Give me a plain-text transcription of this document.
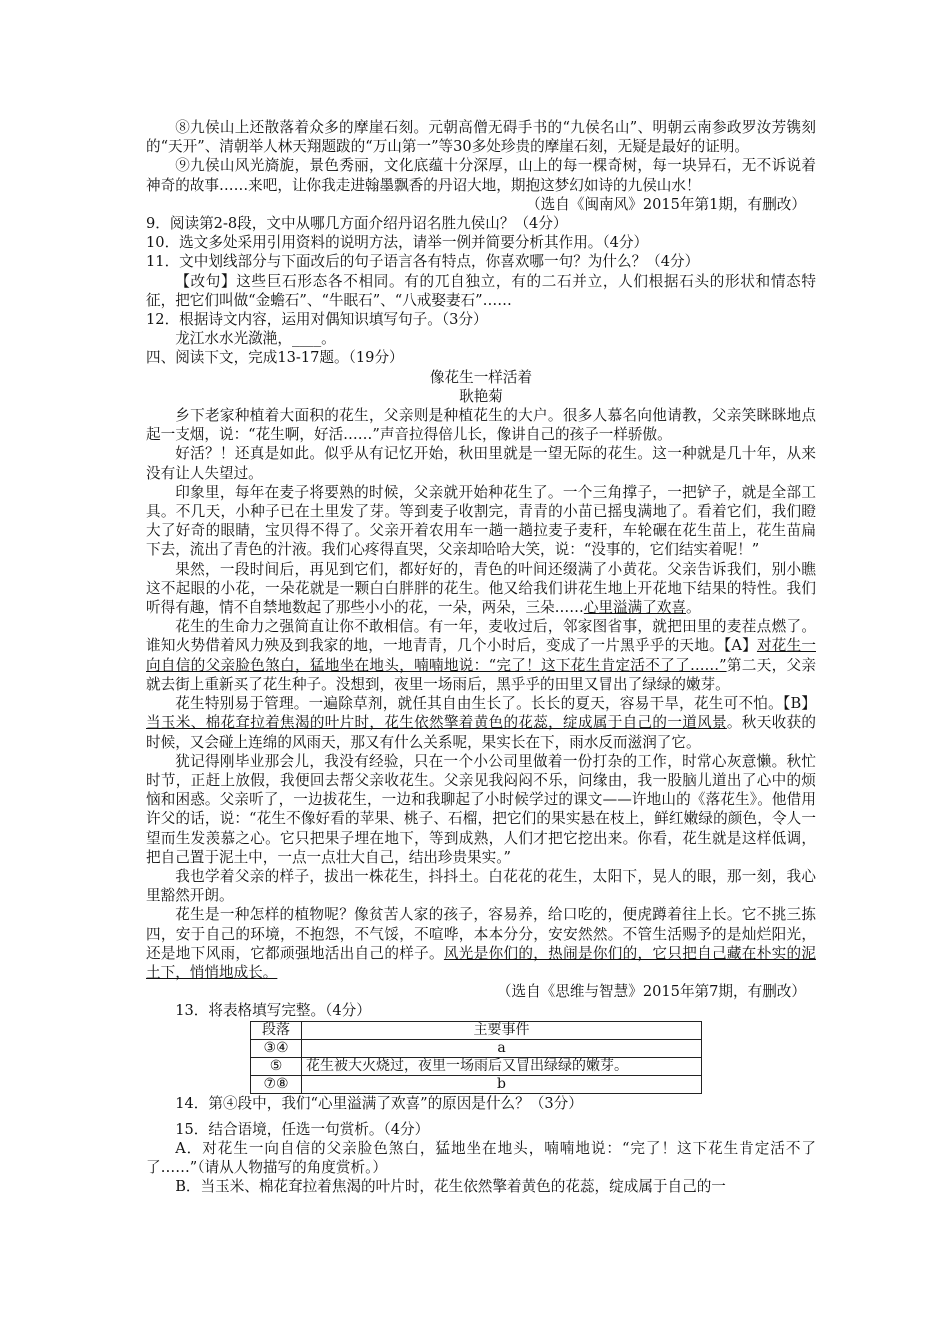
⑧九侯山上还散落着众多的摩崖石刻。元朝高僧无碍手书的“九侯名山”、明朝云南参政罗汝芳镌刻的“天开”、清朝举人林天翔题跋的“万山第一”等30多处珍贵的摩崖石刻，无疑是最好的证明。

⑨九侯山风光旖旎，景色秀丽，文化底蕴十分深厚，山上的每一棵奇树，每一块异石，无不诉说着神奇的故事……来吧，让你我走进翰墨飘香的丹诏大地，期抱这梦幻如诗的九侯山水！

（选自《闽南风》2015年第1期，有删改）

9．阅读第2-8段，文中从哪几方面介绍丹诏名胜九侯山？（4分）

10．选文多处采用引用资料的说明方法，请举一例并简要分析其作用。（4分）

11．文中划线部分与下面改后的句子语言各有特点，你喜欢哪一句？为什么？（4分）

【改句】这些巨石形态各不相同。有的兀自独立，有的二石并立，人们根据石头的形状和情态特征，把它们叫做“金蟾石”、“牛眠石”、“八戒娶妻石”……

12．根据诗文内容，运用对偶知识填写句子。（3分）

龙江水水光潋滟，____。

四、阅读下文，完成13-17题。（19分）

像花生一样活着

耿艳菊

乡下老家种植着大面积的花生，父亲则是种植花生的大户。很多人慕名向他请教，父亲笑眯眯地点起一支烟，说：“花生啊，好活……”声音拉得倍儿长，像讲自己的孩子一样骄傲。

好活？！还真是如此。似乎从有记忆开始，秋田里就是一望无际的花生。这一种就是几十年，从来没有让人失望过。

印象里，每年在麦子将要熟的时候，父亲就开始种花生了。一个三角撑子，一把铲子，就是全部工具。不几天，小种子已在土里发了芽。等到麦子收割完，青青的小苗已摇曳满地了。看着它们，我们瞪大了好奇的眼睛，宝贝得不得了。父亲开着农用车一趟一趟拉麦子麦秆，车轮碾在花生苗上，花生苗扁下去，流出了青色的汁液。我们心疼得直哭，父亲却哈哈大笑，说：“没事的，它们结实着呢！”

果然，一段时间后，再见到它们，都好好的，青色的叶间还缀满了小黄花。父亲告诉我们，别小瞧这不起眼的小花，一朵花就是一颗白白胖胖的花生。他又给我们讲花生地上开花地下结果的特性。我们听得有趣，情不自禁地数起了那些小小的花，一朵，两朵，三朵……心里溢满了欢喜。

花生的生命力之强简直让你不敢相信。有一年，麦收过后，邻家图省事，就把田里的麦茬点燃了。谁知火势借着风力殃及到我家的地，一地青青，几个小时后，变成了一片黑乎乎的天地。【A】对花生一向自信的父亲脸色煞白，猛地坐在地头，喃喃地说：“完了！这下花生肯定活不了了……”第二天，父亲就去街上重新买了花生种子。没想到，夜里一场雨后，黑乎乎的田里又冒出了绿绿的嫩芽。

花生特别易于管理。一遍除草剂，就任其自由生长了。长长的夏天，容易干旱，花生可不怕。【B】当玉米、棉花耷拉着焦渴的叶片时，花生依然擎着黄色的花蕊，绽成属于自己的一道风景。秋天收获的时候，又会碰上连绵的风雨天，那又有什么关系呢，果实长在下，雨水反而滋润了它。

犹记得刚毕业那会儿，我没有经验，只在一个小公司里做着一份打杂的工作，时常心灰意懒。秋忙时节，正赶上放假，我便回去帮父亲收花生。父亲见我闷闷不乐，问缘由，我一股脑儿道出了心中的烦恼和困惑。父亲听了，一边拔花生，一边和我聊起了小时候学过的课文——许地山的《落花生》。他借用许父的话，说：“花生不像好看的苹果、桃子、石榴，把它们的果实悬在枝上，鲜红嫩绿的颜色，令人一望而生发羡慕之心。它只把果子埋在地下，等到成熟，人们才把它挖出来。你看，花生就是这样低调，把自己置于泥土中，一点一点壮大自己，结出珍贵果实。”

我也学着父亲的样子，拔出一株花生，抖抖土。白花花的花生，太阳下，晃人的眼，那一刻，我心里豁然开朗。

花生是一种怎样的植物呢？像贫苦人家的孩子，容易养，给口吃的，便虎蹲着往上长。它不挑三拣四，安于自己的环境，不抱怨，不气馁，不喧哗，本本分分，安安然然。不管生活赐予的是灿烂阳光，还是地下风雨，它都顽强地活出自己的样子。风光是你们的，热闹是你们的，它只把自己藏在朴实的泥土下，悄悄地成长。

（选自《思维与智慧》2015年第7期，有删改）

13．将表格填写完整。（4分）

段落	主要事件
③④	a
⑤	花生被大火烧过，夜里一场雨后又冒出绿绿的嫩芽。
⑦⑧	b

14．第④段中，我们“心里溢满了欢喜”的原因是什么？（3分）

15．结合语境，任选一句赏析。（4分）

A．对花生一向自信的父亲脸色煞白，猛地坐在地头，喃喃地说：“完了！这下花生肯定活不了了……”（请从人物描写的角度赏析。）

B．当玉米、棉花耷拉着焦渴的叶片时，花生依然擎着黄色的花蕊，绽成属于自己的一
